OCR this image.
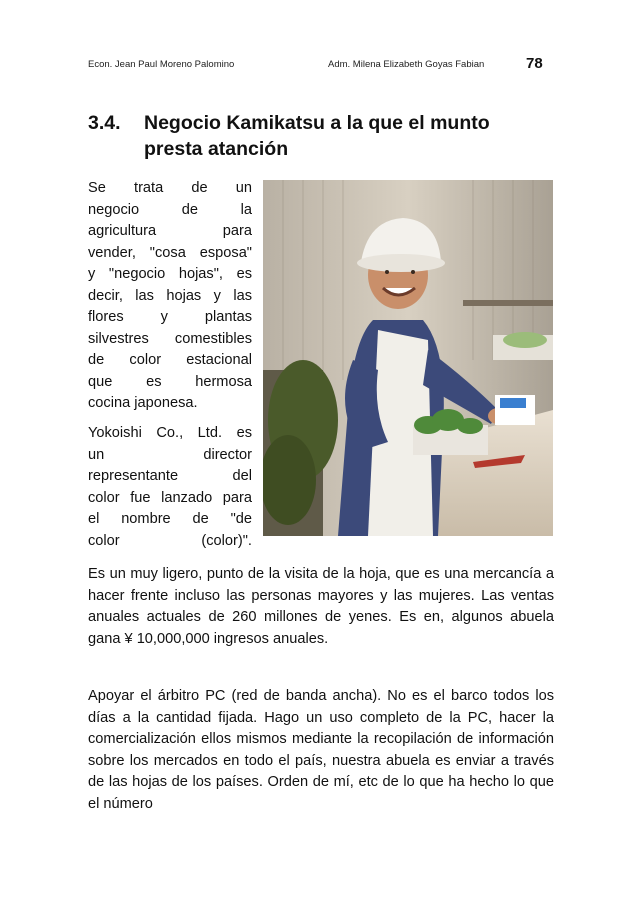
Econ. Jean Paul Moreno Palomino	Adm. Milena Elizabeth Goyas Fabian	78
3.4. Negocio Kamikatsu a la que el munto
presta atanción
Se trata de un
negocio de la
agricultura para
vender, "cosa esposa"
y "negocio hojas", es
decir, las hojas y las
flores y plantas
silvestres comestibles
de color estacional
que es hermosa
cocina japonesa.
Yokoishi Co., Ltd. es
un director
representante del
color fue lanzado para
el nombre de "de
color (color)".
Es un muy ligero, punto de la visita de la hoja, que es una mercancía a hacer frente incluso las personas mayores y las mujeres. Las ventas anuales actuales de 260 millones de yenes. Es en, algunos abuela gana ¥ 10,000,000 ingresos anuales.
Apoyar el árbitro PC (red de banda ancha). No es el barco todos los días a la cantidad fijada. Hago un uso completo de la PC, hacer la comercialización ellos mismos mediante la recopilación de información sobre los mercados en todo el país, nuestra abuela es enviar a través de las hojas de los países. Orden de mí, etc de lo que ha hecho lo que el número
